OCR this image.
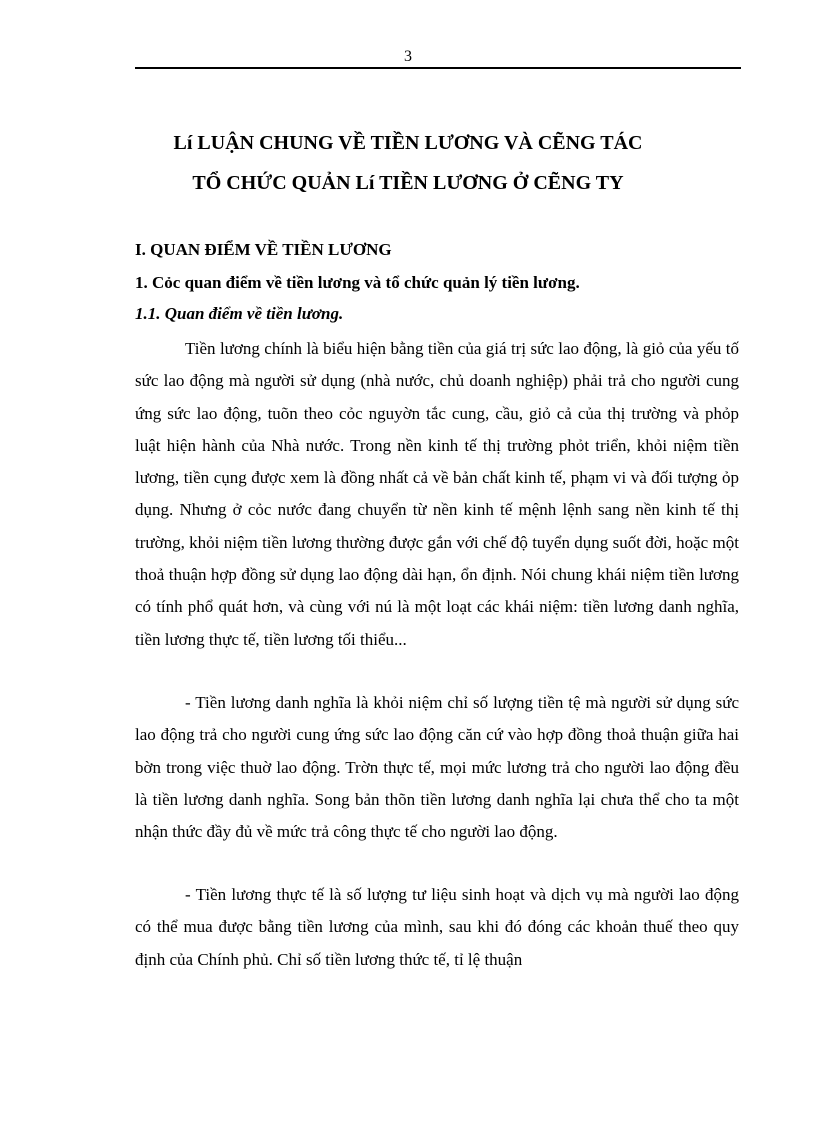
3
Lí LUẬN CHUNG VỀ TIỀN LƯƠNG VÀ CẼNG TÁC
TỔ CHỨC QUẢN Lí TIỀN LƯƠNG Ở CẼNG TY
I. QUAN ĐIỂM VỀ TIỀN LƯƠNG
1. Cỏc quan điểm về tiền lương và tổ chức quản lý tiền lương.
1.1. Quan điểm về tiền lương.

Tiền lương chính là biểu hiện bằng tiền của giá trị sức lao động, là giỏ của yếu tố sức lao động mà người sử dụng (nhà nước, chủ doanh nghiệp) phải trả cho người cung ứng sức lao động, tuõn theo cỏc nguyờn tắc cung, cầu, giỏ cả của thị trường và phỏp luật hiện hành của Nhà nước. Trong nền kinh tế thị trường phỏt triển, khỏi niệm tiền lương, tiền cụng được xem là đồng nhất cả về bản chất kinh tế, phạm vi và đối tượng ỏp dụng. Nhưng ở cỏc nước đang chuyển từ nền kinh tế mệnh lệnh sang nền kinh tế thị trường, khỏi niệm tiền lương thường được gắn với chế độ tuyển dụng suốt đời, hoặc một thoả thuận hợp đồng sử dụng lao động dài hạn, ổn định. Nói chung khái niệm tiền lương có tính phổ quát hơn, và cùng với nú là một loạt các khái niệm: tiền lương danh nghĩa, tiền lương thực tế, tiền lương tối thiểu...

- Tiền lương danh nghĩa là khỏi niệm chỉ số lượng tiền tệ mà người sử dụng sức lao động trả cho người cung ứng sức lao động căn cứ vào hợp đồng thoả thuận giữa hai bờn trong việc thuờ lao động. Trờn thực tế, mọi mức lương trả cho người lao động đều là tiền lương danh nghĩa. Song bản thõn tiền lương danh nghĩa lại chưa thể cho ta một nhận thức đầy đủ về mức trả công thực tế cho người lao động.

- Tiền lương thực tế là số lượng tư liệu sinh hoạt và dịch vụ mà người lao động có thể mua được bằng tiền lương của mình, sau khi đó đóng các khoản thuế theo quy định của Chính phủ. Chỉ số tiền lương thức tế, tỉ lệ thuận
